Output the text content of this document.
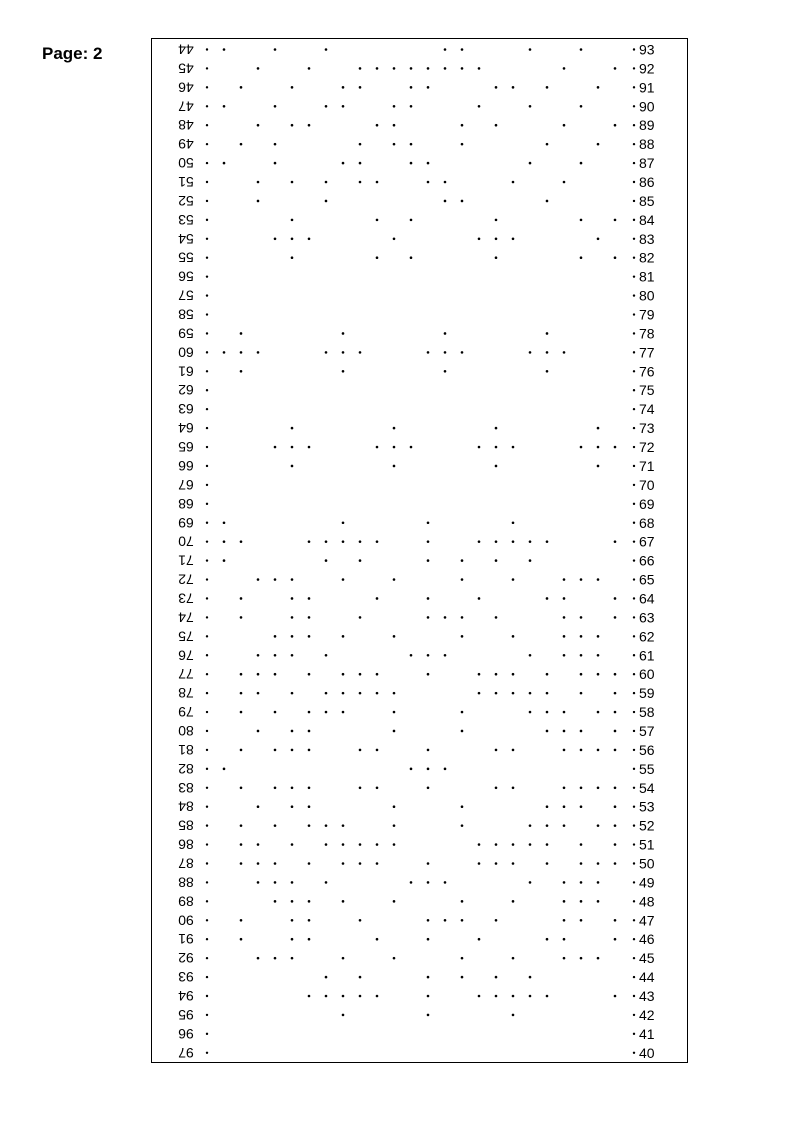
Page: 2	44
45
46
47
48
49
50
51
52
53
54
55
56
57
58
59
60
61
62
63
64
65
66
67
68
69
70
71
72
73
74
75
76
77
78
79
80
81
82
83
84
85
86
87
88
89
90
91
92
93
94
95
96
97
93
92
91
90
89
88
87
86
85
84
83
82
81
80
79
78
77
76
75
74
73
72
71
70
69
68
67
66
65
64
63
62
61
60
59
58
57
56
55
54
53
52
51
50
49
48
47
46
45
44
43
42
41
40
